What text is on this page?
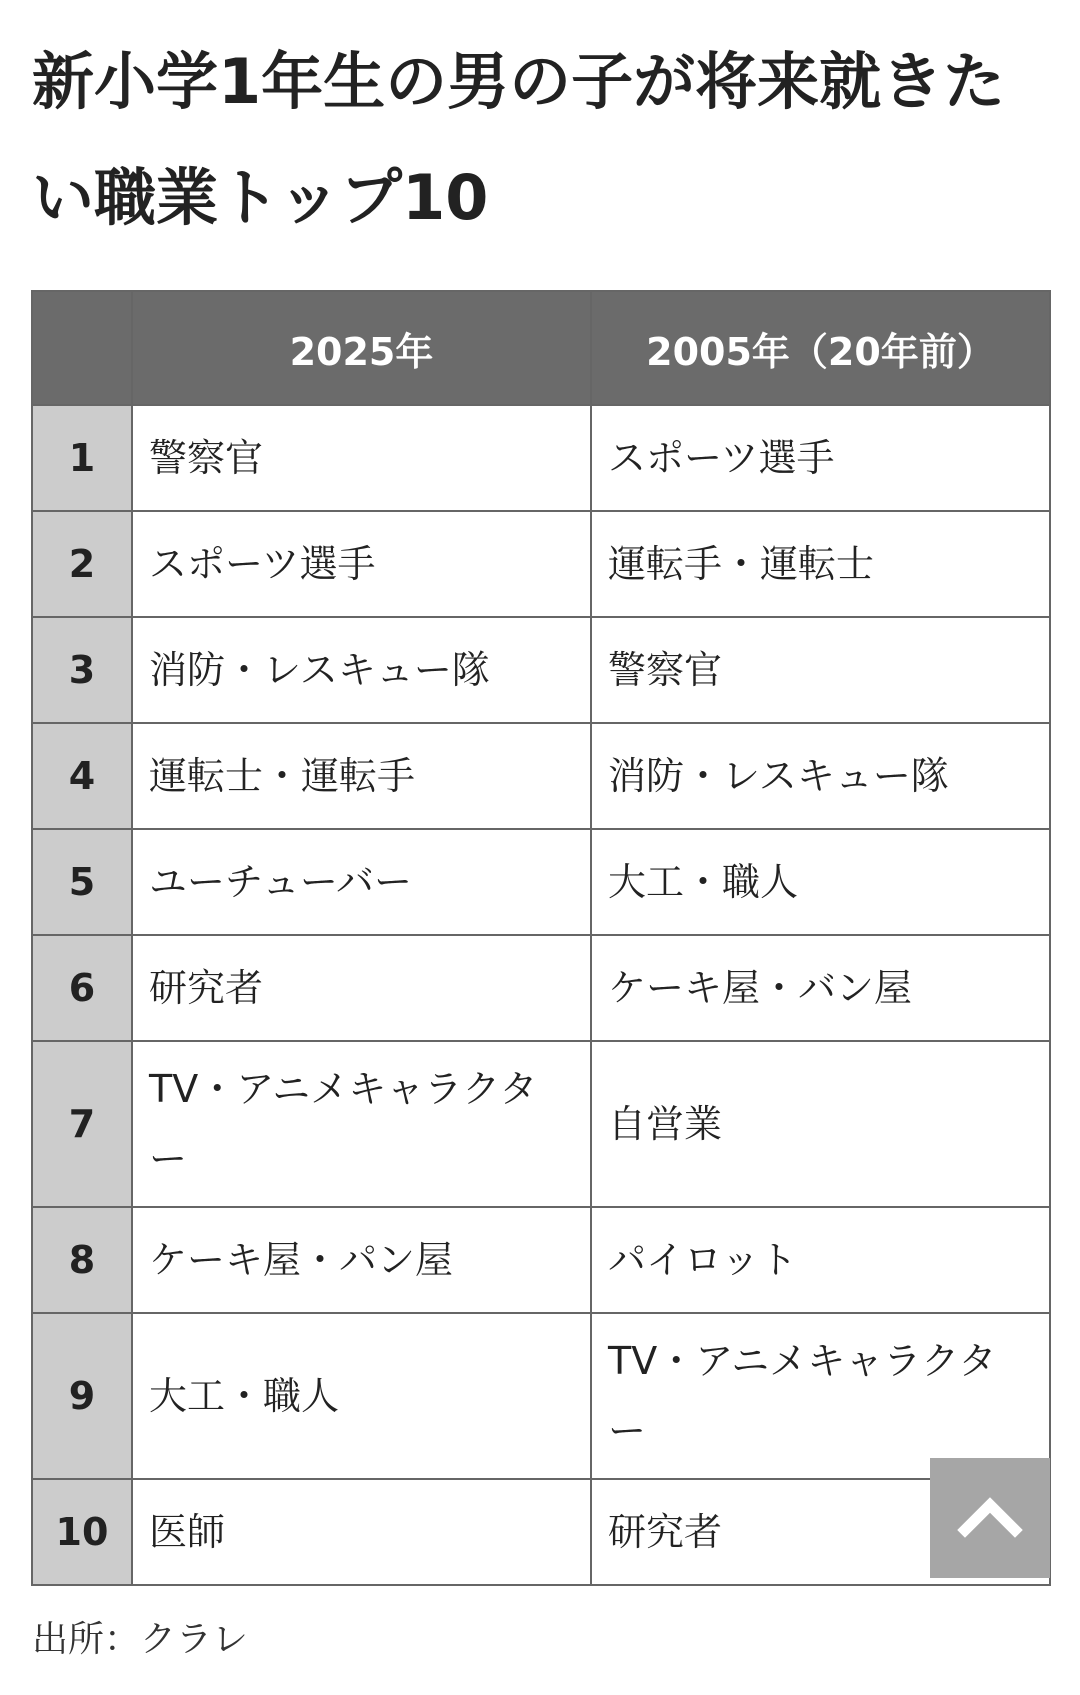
新小学1年生の男の子が将来就きたい職業トップ10
	2025年	2005年（20年前）
1	警察官	スポーツ選手
2	スポーツ選手	運転手・運転士
3	消防・レスキュー隊	警察官
4	運転士・運転手	消防・レスキュー隊
5	ユーチューバー	大工・職人
6	研究者	ケーキ屋・バン屋
7	TV・アニメキャラクター	自営業
8	ケーキ屋・パン屋	パイロット
9	大工・職人	TV・アニメキャラクター
10	医師	研究者
出所：クラレ
